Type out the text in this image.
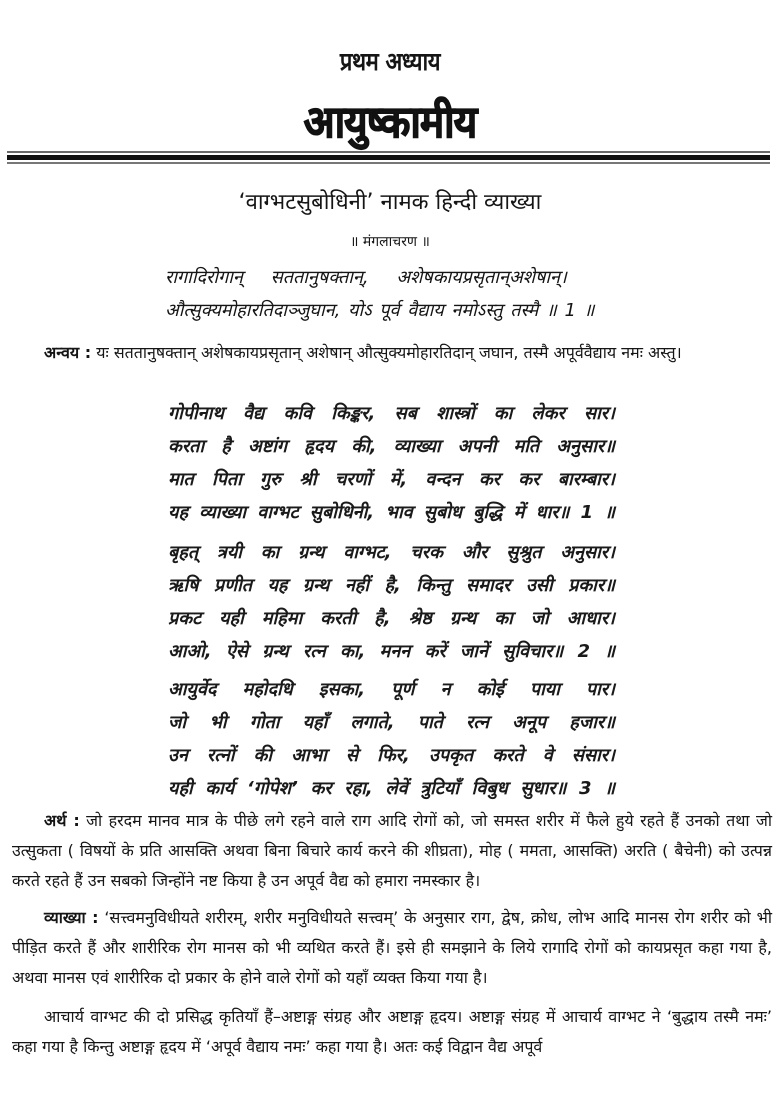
प्रथम अध्याय
आयुष्कामीय
‘वाग्भटसुबोधिनी’ नामक हिन्दी व्याख्या
॥ मंगलाचरण ॥
रागादिरोगान् सततानुषक्तान्, अशेषकायप्रसृतान्अशेषान्।
औत्सुक्यमोहारतिदाञ्जुघान, योऽ पूर्व वैद्याय नमोऽस्तु तस्मै ॥ 1 ॥
अन्वय : यः सततानुषक्तान् अशेषकायप्रसृतान् अशेषान् औत्सुक्यमोहारतिदान् जघान, तस्मै अपूर्ववैद्याय नमः अस्तु।
गोपीनाथ वैद्य कवि किङ्कर, सब शास्त्रों का लेकर सार।
करता है अष्टांग हृदय की, व्याख्या अपनी मति अनुसार॥
मात पिता गुरु श्री चरणों में, वन्दन कर कर बारम्बार।
यह व्याख्या वाग्भट सुबोधिनी, भाव सुबोध बुद्धि में धार॥ 1 ॥
बृहत् त्रयी का ग्रन्थ वाग्भट, चरक और सुश्रुत अनुसार।
ऋषि प्रणीत यह ग्रन्थ नहीं है, किन्तु समादर उसी प्रकार॥
प्रकट यही महिमा करती है, श्रेष्ठ ग्रन्थ का जो आधार।
आओ, ऐसे ग्रन्थ रत्न का, मनन करें जानें सुविचार॥ 2 ॥
आयुर्वेद महोदधि इसका, पूर्ण न कोई पाया पार।
जो भी गोता यहाँ लगाते, पाते रत्न अनूप हजार॥
उन रत्नों की आभा से फिर, उपकृत करते वे संसार।
यही कार्य ‘गोपेश’ कर रहा, लेवें त्रुटियाँ विबुध सुधार॥ 3 ॥
अर्थ : जो हरदम मानव मात्र के पीछे लगे रहने वाले राग आदि रोगों को, जो समस्त शरीर में फैले हुये रहते हैं उनको तथा जो उत्सुकता ( विषयों के प्रति आसक्ति अथवा बिना बिचारे कार्य करने की शीघ्रता), मोह ( ममता, आसक्ति) अरति ( बैचेनी) को उत्पन्न करते रहते हैं उन सबको जिन्होंने नष्ट किया है उन अपूर्व वैद्य को हमारा नमस्कार है।
व्याख्या : ‘सत्त्वमनुविधीयते शरीरम्, शरीर मनुविधीयते सत्त्वम्’ के अनुसार राग, द्वेष, क्रोध, लोभ आदि मानस रोग शरीर को भी पीड़ित करते हैं और शारीरिक रोग मानस को भी व्यथित करते हैं। इसे ही समझाने के लिये रागादि रोगों को कायप्रसृत कहा गया है, अथवा मानस एवं शारीरिक दो प्रकार के होने वाले रोगों को यहाँ व्यक्त किया गया है।
आचार्य वाग्भट की दो प्रसिद्ध कृतियाँ हैं–अष्टाङ्ग संग्रह और अष्टाङ्ग हृदय। अष्टाङ्ग संग्रह में आचार्य वाग्भट ने ‘बुद्धाय तस्मै नमः’ कहा गया है किन्तु अष्टाङ्ग हृदय में ‘अपूर्व वैद्याय नमः’ कहा गया है। अतः कई विद्वान वैद्य अपूर्व
